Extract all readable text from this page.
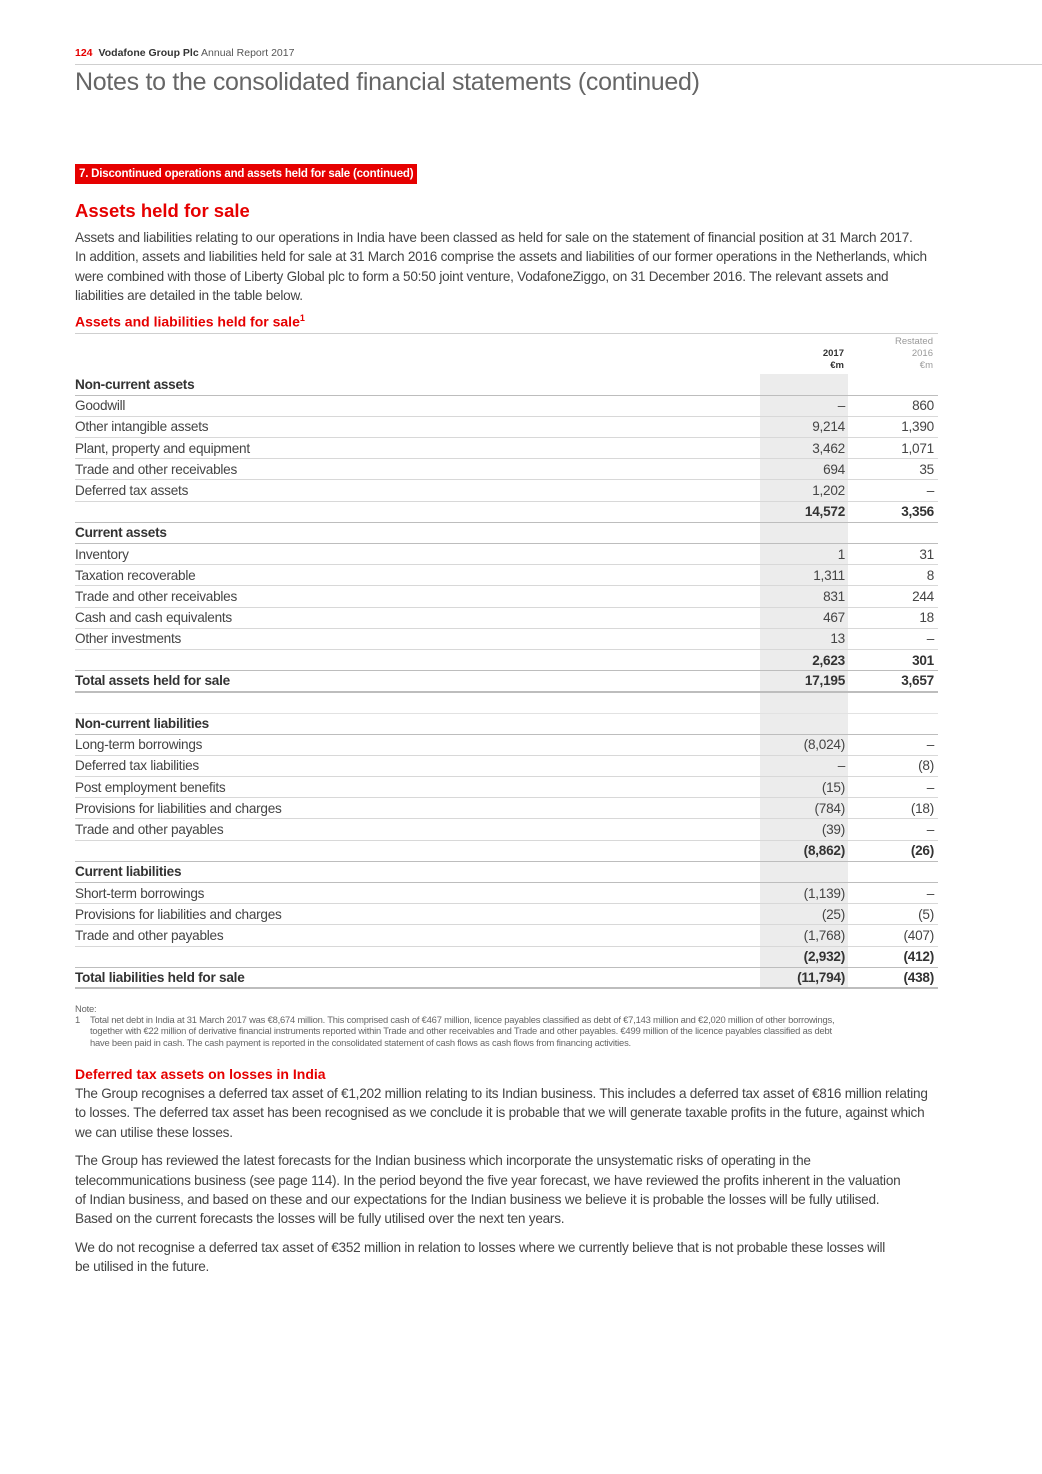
124 Vodafone Group Plc Annual Report 2017
Notes to the consolidated financial statements (continued)
7. Discontinued operations and assets held for sale (continued)
Assets held for sale

Assets and liabilities relating to our operations in India have been classed as held for sale on the statement of financial position at 31 March 2017.

In addition, assets and liabilities held for sale at 31 March 2016 comprise the assets and liabilities of our former operations in the Netherlands, which

were combined with those of Liberty Global plc to form a 50:50 joint venture, VodafoneZiggo, on 31 December 2016. The relevant assets and

liabilities are detailed in the table below.

Assets and liabilities held for sale$^1$
2017
€m
Restated
2016
€m
Non-current assets		
Goodwill	–	860
Other intangible assets	9,214	1,390
Plant, property and equipment	3,462	1,071
Trade and other receivables	694	35
Deferred tax assets	1,202	–
	14,572	3,356
Current assets		
Inventory	1	31
Taxation recoverable	1,311	8
Trade and other receivables	831	244
Cash and cash equivalents	467	18
Other investments	13	–
	2,623	301
Total assets held for sale	17,195	3,657

Non-current liabilities		
Long-term borrowings	(8,024)	–
Deferred tax liabilities	–	(8)
Post employment benefits	(15)	–
Provisions for liabilities and charges	(784)	(18)
Trade and other payables	(39)	–
	(8,862)	(26)
Current liabilities		
Short-term borrowings	(1,139)	–
Provisions for liabilities and charges	(25)	(5)
Trade and other payables	(1,768)	(407)
	(2,932)	(412)
Total liabilities held for sale	(11,794)	(438)
Note:
1	Total net debt in India at 31 March 2017 was €8,674 million. This comprised cash of €467 million, licence payables classified as debt of €7,143 million and €2,020 million of other borrowings,
together with €22 million of derivative financial instruments reported within Trade and other receivables and Trade and other payables. €499 million of the licence payables classified as debt
have been paid in cash. The cash payment is reported in the consolidated statement of cash flows as cash flows from financing activities.
Deferred tax assets on losses in India
The Group recognises a deferred tax asset of €1,202 million relating to its Indian business. This includes a deferred tax asset of €816 million relating
to losses. The deferred tax asset has been recognised as we conclude it is probable that we will generate taxable profits in the future, against which
we can utilise these losses.
The Group has reviewed the latest forecasts for the Indian business which incorporate the unsystematic risks of operating in the
telecommunications business (see page 114). In the period beyond the five year forecast, we have reviewed the profits inherent in the valuation
of Indian business, and based on these and our expectations for the Indian business we believe it is probable the losses will be fully utilised.
Based on the current forecasts the losses will be fully utilised over the next ten years.
We do not recognise a deferred tax asset of €352 million in relation to losses where we currently believe that is not probable these losses will
be utilised in the future.
